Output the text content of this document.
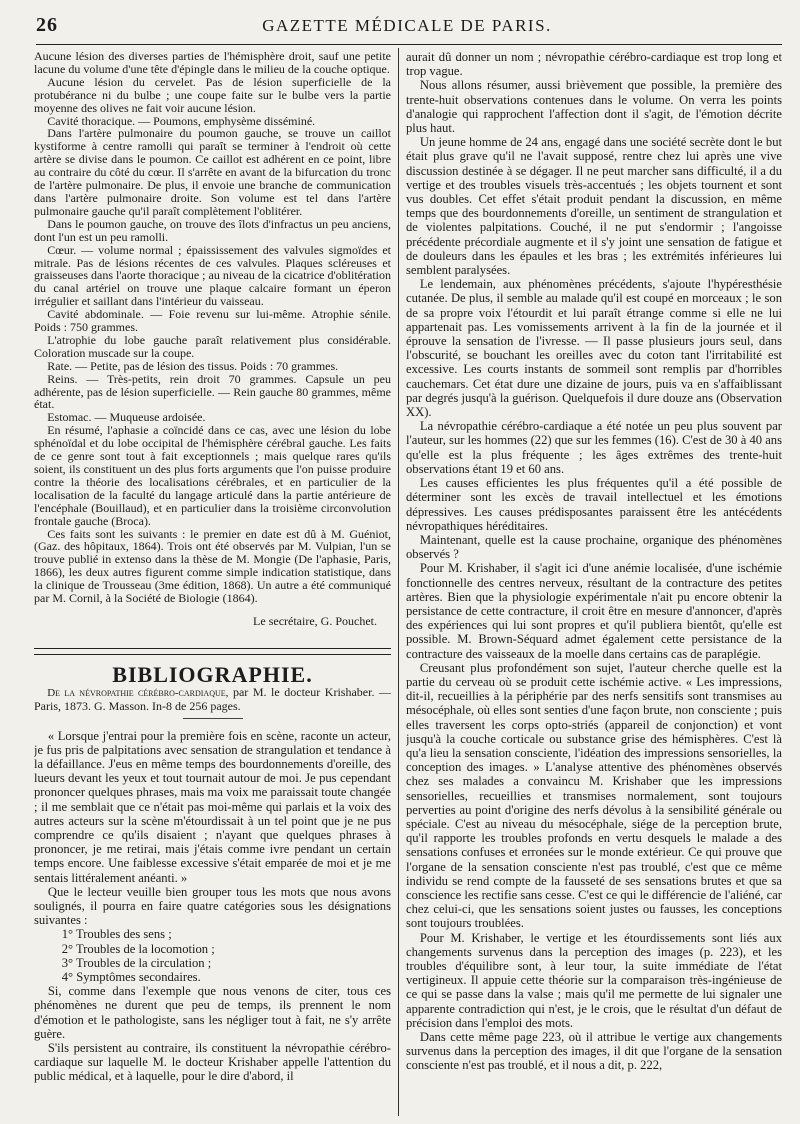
26	GAZETTE MÉDICALE DE PARIS.

Aucune lésion des diverses parties de l'hémisphère droit, sauf une petite lacune du volume d'une tête d'épingle dans le milieu de la couche optique.

Aucune lésion du cervelet. Pas de lésion superficielle de la protubérance ni du bulbe ; une coupe faite sur le bulbe vers la partie moyenne des olives ne fait voir aucune lésion.

Cavité thoracique. — Poumons, emphysème disséminé.

Dans l'artère pulmonaire du poumon gauche, se trouve un caillot kystiforme à centre ramolli qui paraît se terminer à l'endroit où cette artère se divise dans le poumon. Ce caillot est adhérent en ce point, libre au contraire du côté du cœur. Il s'arrête en avant de la bifurcation du tronc de l'artère pulmonaire. De plus, il envoie une branche de communication dans l'artère pulmonaire droite. Son volume est tel dans l'artère pulmonaire gauche qu'il paraît complètement l'oblitérer.

Dans le poumon gauche, on trouve des îlots d'infractus un peu anciens, dont l'un est un peu ramolli.

Cœur. — volume normal ; épaississement des valvules sigmoïdes et mitrale. Pas de lésions récentes de ces valvules. Plaques scléreuses et graisseuses dans l'aorte thoracique ; au niveau de la cicatrice d'oblitération du canal artériel on trouve une plaque calcaire formant un éperon irrégulier et saillant dans l'intérieur du vaisseau.

Cavité abdominale. — Foie revenu sur lui-même. Atrophie sénile. Poids : 750 grammes.

L'atrophie du lobe gauche paraît relativement plus considérable. Coloration muscade sur la coupe.

Rate. — Petite, pas de lésion des tissus. Poids : 70 grammes.

Reins. — Très-petits, rein droit 70 grammes. Capsule un peu adhérente, pas de lésion superficielle. — Rein gauche 80 grammes, même état.

Estomac. — Muqueuse ardoisée.

En résumé, l'aphasie a coïncidé dans ce cas, avec une lésion du lobe sphénoïdal et du lobe occipital de l'hémisphère cérébral gauche. Les faits de ce genre sont tout à fait exceptionnels ; mais quelque rares qu'ils soient, ils constituent un des plus forts arguments que l'on puisse produire contre la théorie des localisations cérébrales, et en particulier de la localisation de la faculté du langage articulé dans la partie antérieure de l'encéphale (Bouillaud), et en particulier dans la troisième circonvolution frontale gauche (Broca).

Ces faits sont les suivants : le premier en date est dû à M. Guéniot, (Gaz. des hôpitaux, 1864). Trois ont été observés par M. Vulpian, l'un se trouve publié in extenso dans la thèse de M. Mongie (De l'aphasie, Paris, 1866), les deux autres figurent comme simple indication statistique, dans la clinique de Trousseau (3me édition, 1868). Un autre a été communiqué par M. Cornil, à la Société de Biologie (1864).

Le secrétaire, G. Pouchet.
BIBLIOGRAPHIE.

De la névropathie cérébro-cardiaque, par M. le docteur Krishaber. — Paris, 1873. G. Masson. In-8 de 256 pages.

« Lorsque j'entrai pour la première fois en scène, raconte un acteur, je fus pris de palpitations avec sensation de strangulation et tendance à la défaillance. J'eus en même temps des bourdonnements d'oreille, des lueurs devant les yeux et tout tournait autour de moi. Je pus cependant prononcer quelques phrases, mais ma voix me paraissait toute changée ; il me semblait que ce n'était pas moi-même qui parlais et la voix des autres acteurs sur la scène m'étourdissait à un tel point que je ne pus comprendre ce qu'ils disaient ; n'ayant que quelques phrases à prononcer, je me retirai, mais j'étais comme ivre pendant un certain temps encore. Une faiblesse excessive s'était emparée de moi et je me sentais littéralement anéanti. »

Que le lecteur veuille bien grouper tous les mots que nous avons soulignés, il pourra en faire quatre catégories sous les désignations suivantes :

1° Troubles des sens ;
2° Troubles de la locomotion ;
3° Troubles de la circulation ;
4° Symptômes secondaires.

Si, comme dans l'exemple que nous venons de citer, tous ces phénomènes ne durent que peu de temps, ils prennent le nom d'émotion et le pathologiste, sans les négliger tout à fait, ne s'y arrête guère.

S'ils persistent au contraire, ils constituent la névropathie cérébro-cardiaque sur laquelle M. le docteur Krishaber appelle l'attention du public médical, et à laquelle, pour le dire d'abord, il

aurait dû donner un nom ; névropathie cérébro-cardiaque est trop long et trop vague.

Nous allons résumer, aussi brièvement que possible, la première des trente-huit observations contenues dans le volume. On verra les points d'analogie qui rapprochent l'affection dont il s'agit, de l'émotion décrite plus haut.

Un jeune homme de 24 ans, engagé dans une société secrète dont le but était plus grave qu'il ne l'avait supposé, rentre chez lui après une vive discussion destinée à se dégager. Il ne peut marcher sans difficulté, il a du vertige et des troubles visuels très-accentués ; les objets tournent et sont vus doubles. Cet effet s'était produit pendant la discussion, en même temps que des bourdonnements d'oreille, un sentiment de strangulation et de violentes palpitations. Couché, il ne put s'endormir ; l'angoisse précédente précordiale augmente et il s'y joint une sensation de fatigue et de douleurs dans les épaules et les bras ; les extrémités inférieures lui semblent paralysées.

Le lendemain, aux phénomènes précédents, s'ajoute l'hypéresthésie cutanée. De plus, il semble au malade qu'il est coupé en morceaux ; le son de sa propre voix l'étourdit et lui paraît étrange comme si elle ne lui appartenait pas. Les vomissements arrivent à la fin de la journée et il éprouve la sensation de l'ivresse. — Il passe plusieurs jours seul, dans l'obscurité, se bouchant les oreilles avec du coton tant l'irritabilité est excessive. Les courts instants de sommeil sont remplis par d'horribles cauchemars. Cet état dure une dizaine de jours, puis va en s'affaiblissant par degrés jusqu'à la guérison. Quelquefois il dure douze ans (Observation XX).

La névropathie cérébro-cardiaque a été notée un peu plus souvent par l'auteur, sur les hommes (22) que sur les femmes (16). C'est de 30 à 40 ans qu'elle est la plus fréquente ; les âges extrêmes des trente-huit observations étant 19 et 60 ans.

Les causes efficientes les plus fréquentes qu'il a été possible de déterminer sont les excès de travail intellectuel et les émotions dépressives. Les causes prédisposantes paraissent être les antécédents névropathiques héréditaires.

Maintenant, quelle est la cause prochaine, organique des phénomènes observés ?

Pour M. Krishaber, il s'agit ici d'une anémie localisée, d'une ischémie fonctionnelle des centres nerveux, résultant de la contracture des petites artères. Bien que la physiologie expérimentale n'ait pu encore obtenir la persistance de cette contracture, il croit être en mesure d'annoncer, d'après des expériences qui lui sont propres et qu'il publiera bientôt, qu'elle est possible. M. Brown-Séquard admet également cette persistance de la contracture des vaisseaux de la moelle dans certains cas de paraplégie.

Creusant plus profondément son sujet, l'auteur cherche quelle est la partie du cerveau où se produit cette ischémie active. « Les impressions, dit-il, recueillies à la périphérie par des nerfs sensitifs sont transmises au mésocéphale, où elles sont senties d'une façon brute, non consciente ; puis elles traversent les corps opto-striés (appareil de conjonction) et vont jusqu'à la couche corticale ou substance grise des hémisphères. C'est là qu'a lieu la sensation consciente, l'idéation des impressions sensorielles, la conception des images. » L'analyse attentive des phénomènes observés chez ses malades a convaincu M. Krishaber que les impressions sensorielles, recueillies et transmises normalement, sont toujours perverties au point d'origine des nerfs dévolus à la sensibilité générale ou spéciale. C'est au niveau du mésocéphale, siége de la perception brute, qu'il rapporte les troubles profonds en vertu desquels le malade a des sensations confuses et erronées sur le monde extérieur. Ce qui prouve que l'organe de la sensation consciente n'est pas troublé, c'est que ce même individu se rend compte de la fausseté de ses sensations brutes et que sa conscience les rectifie sans cesse. C'est ce qui le différencie de l'aliéné, car chez celui-ci, que les sensations soient justes ou fausses, les conceptions sont toujours troublées.

Pour M. Krishaber, le vertige et les étourdissements sont liés aux changements survenus dans la perception des images (p. 223), et les troubles d'équilibre sont, à leur tour, la suite immédiate de l'état vertigineux. Il appuie cette théorie sur la comparaison très-ingénieuse de ce qui se passe dans la valse ; mais qu'il me permette de lui signaler une apparente contradiction qui n'est, je le crois, que le résultat d'un défaut de précision dans l'emploi des mots.

Dans cette même page 223, où il attribue le vertige aux changements survenus dans la perception des images, il dit que l'organe de la sensation consciente n'est pas troublé, et il nous a dit, p. 222,
